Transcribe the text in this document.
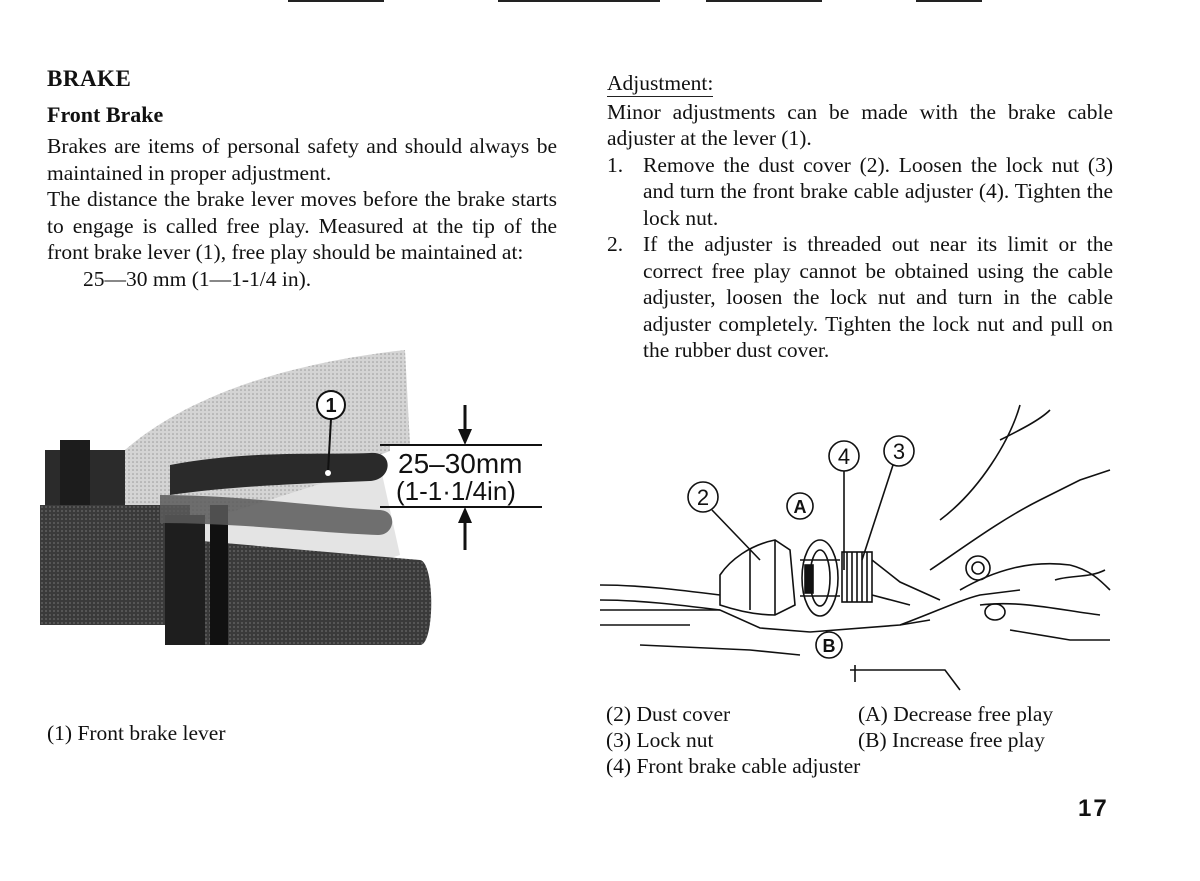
BRAKE
Front Brake

Brakes are items of personal safety and should always be maintained in proper adjustment.

The distance the brake lever moves before the brake starts to engage is called free play. Measured at the tip of the front brake lever (1), free play should be maintained at:

25—30 mm (1—1-1/4 in).

1
25–30mm
(1-1·1/4in)
(1) Front brake lever
Adjustment:

Minor adjustments can be made with the brake cable adjuster at the lever (1).

1. Remove the dust cover (2). Loosen the lock nut (3) and turn the front brake cable adjuster (4). Tighten the lock nut.
2. If the adjuster is threaded out near its limit or the correct free play cannot be obtained using the cable adjuster, loosen the lock nut and turn in the cable adjuster completely. Tighten the lock nut and pull on the rubber dust cover.
2
4 3
A
B
(2) Dust cover
(3) Lock nut
(4) Front brake cable adjuster
(A) Decrease free play
(B) Increase free play
17
